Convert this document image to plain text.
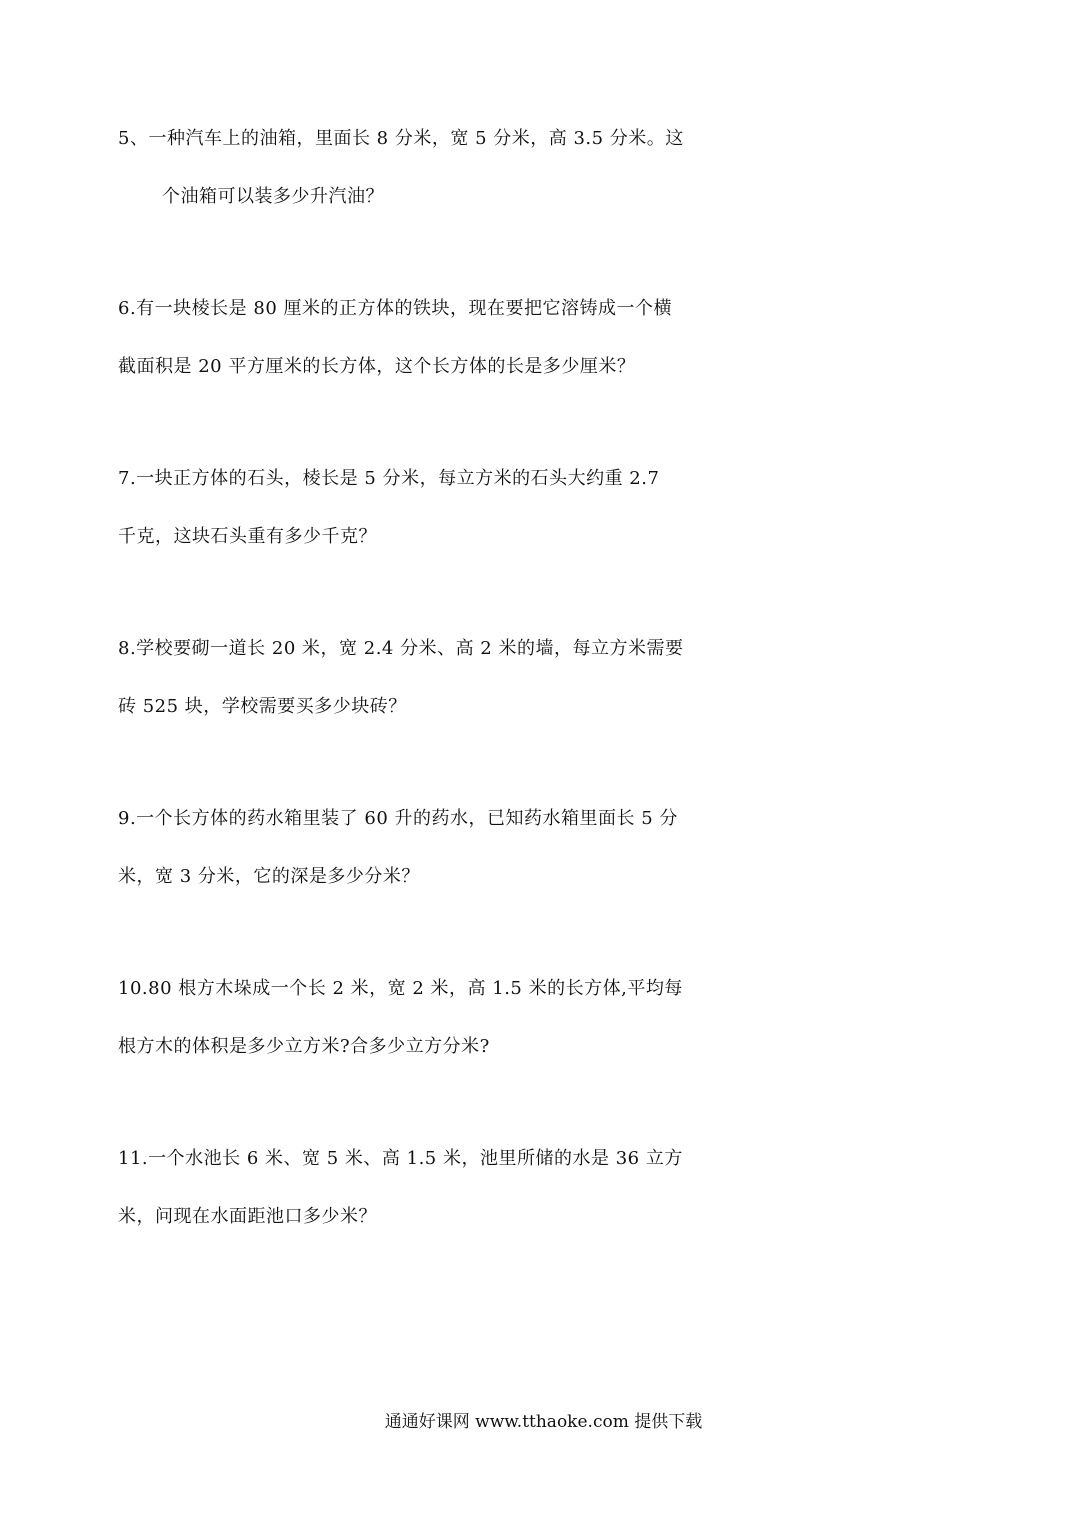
5、一种汽车上的油箱，里面长 8 分米，宽 5 分米，高 3.5 分米。这
个油箱可以装多少升汽油？
6.有一块棱长是 80 厘米的正方体的铁块，现在要把它溶铸成一个横
截面积是 20 平方厘米的长方体，这个长方体的长是多少厘米？
7.一块正方体的石头，棱长是 5 分米，每立方米的石头大约重 2.7
千克，这块石头重有多少千克？
8.学校要砌一道长 20 米，宽 2.4 分米、高 2 米的墙，每立方米需要
砖 525 块，学校需要买多少块砖？
9.一个长方体的药水箱里装了 60 升的药水，已知药水箱里面长 5 分
米，宽 3 分米，它的深是多少分米？
10.80 根方木垛成一个长 2 米，宽 2 米，高 1.5 米的长方体,平均每
根方木的体积是多少立方米?合多少立方分米?
11.一个水池长 6 米、宽 5 米、高 1.5 米，池里所储的水是 36 立方
米，问现在水面距池口多少米？
通通好课网 www.tthaoke.com 提供下载
